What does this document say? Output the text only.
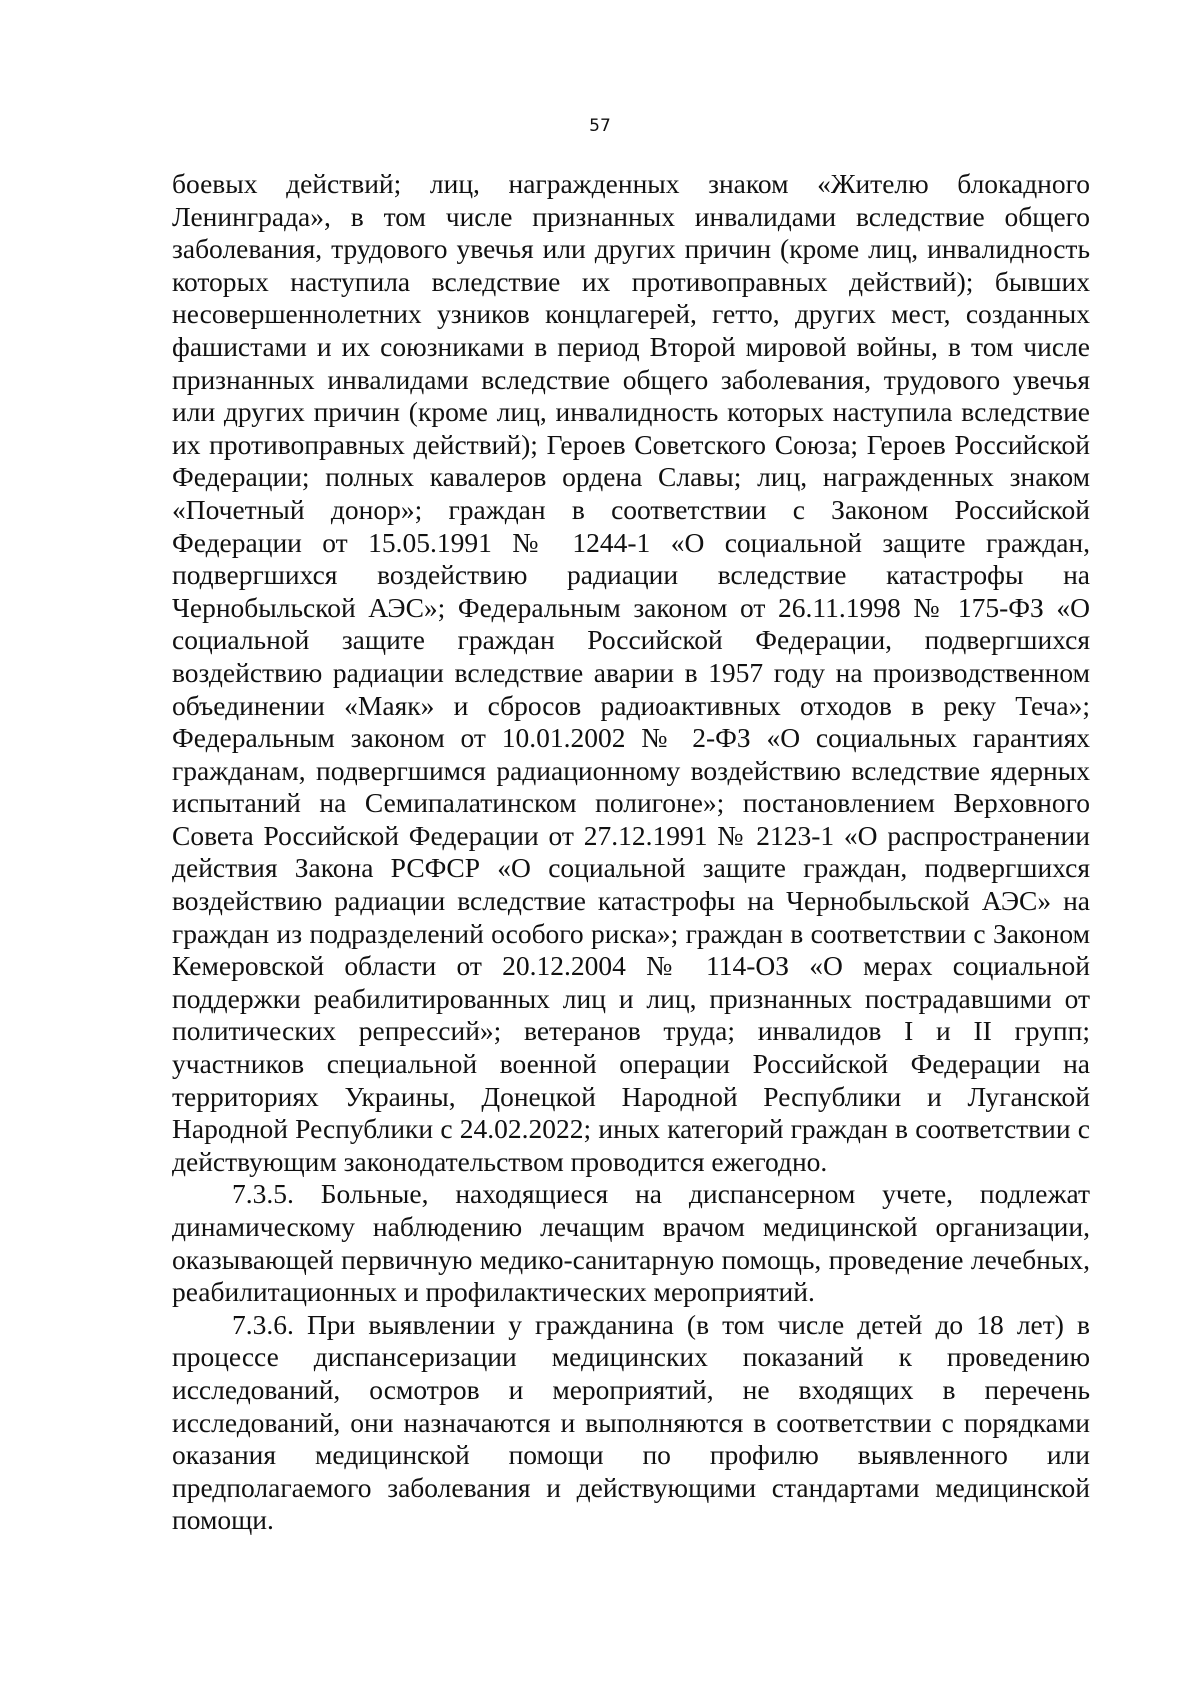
57

боевых действий; лиц, награжденных знаком «Жителю блокадного Ленинграда», в том числе признанных инвалидами вследствие общего заболевания, трудового увечья или других причин (кроме лиц, инвалидность которых наступила вследствие их противоправных действий); бывших несовершеннолетних узников концлагерей, гетто, других мест, созданных фашистами и их союзниками в период Второй мировой войны, в том числе признанных инвалидами вследствие общего заболевания, трудового увечья или других причин (кроме лиц, инвалидность которых наступила вследствие их противоправных действий); Героев Советского Союза; Героев Российской Федерации; полных кавалеров ордена Славы; лиц, награжденных знаком «Почетный донор»; граждан в соответствии с Законом Российской Федерации от 15.05.1991 № 1244-1 «О социальной защите граждан, подвергшихся воздействию радиации вследствие катастрофы на Чернобыльской АЭС»; Федеральным законом от 26.11.1998 № 175-ФЗ «О социальной защите граждан Российской Федерации, подвергшихся воздействию радиации вследствие аварии в 1957 году на производственном объединении «Маяк» и сбросов радиоактивных отходов в реку Теча»; Федеральным законом от 10.01.2002 № 2-ФЗ «О социальных гарантиях гражданам, подвергшимся радиационному воздействию вследствие ядерных испытаний на Семипалатинском полигоне»; постановлением Верховного Совета Российской Федерации от 27.12.1991 № 2123-1 «О распространении действия Закона РСФСР «О социальной защите граждан, подвергшихся воздействию радиации вследствие катастрофы на Чернобыльской АЭС» на граждан из подразделений особого риска»; граждан в соответствии с Законом Кемеровской области от 20.12.2004 № 114-ОЗ «О мерах социальной поддержки реабилитированных лиц и лиц, признанных пострадавшими от политических репрессий»; ветеранов труда; инвалидов I и II групп; участников специальной военной операции Российской Федерации на территориях Украины, Донецкой Народной Республики и Луганской Народной Республики с 24.02.2022; иных категорий граждан в соответствии с действующим законодательством проводится ежегодно.

7.3.5. Больные, находящиеся на диспансерном учете, подлежат динамическому наблюдению лечащим врачом медицинской организации, оказывающей первичную медико-санитарную помощь, проведение лечебных, реабилитационных и профилактических мероприятий.

7.3.6. При выявлении у гражданина (в том числе детей до 18 лет) в процессе диспансеризации медицинских показаний к проведению исследований, осмотров и мероприятий, не входящих в перечень исследований, они назначаются и выполняются в соответствии с порядками оказания медицинской помощи по профилю выявленного или предполагаемого заболевания и действующими стандартами медицинской помощи.
